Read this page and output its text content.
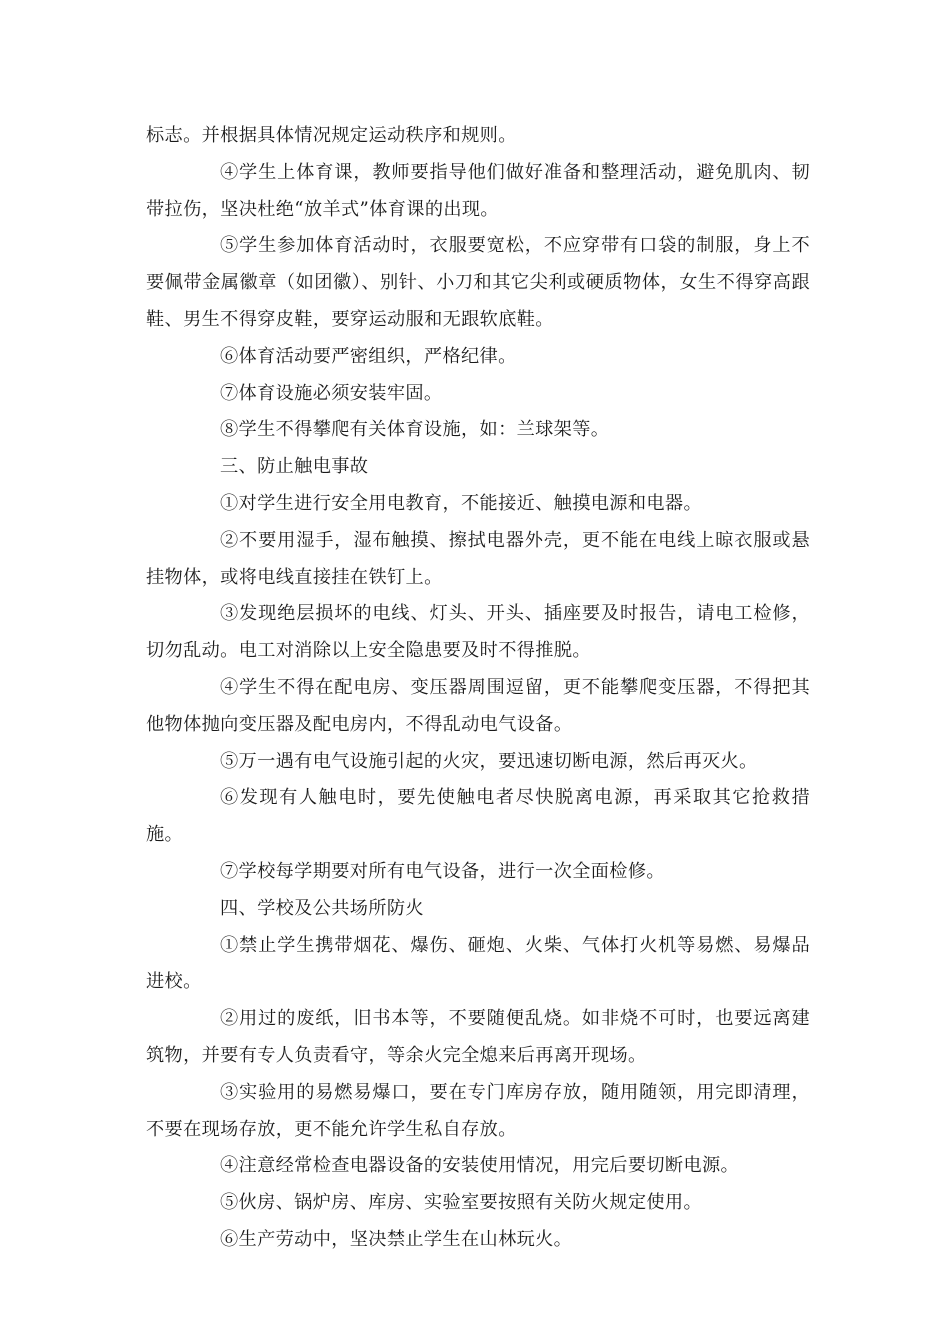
标志。并根据具体情况规定运动秩序和规则。

④学生上体育课，教师要指导他们做好准备和整理活动，避免肌肉、韧带拉伤，坚决杜绝“放羊式”体育课的出现。

⑤学生参加体育活动时，衣服要宽松，不应穿带有口袋的制服，身上不要佩带金属徽章（如团徽）、别针、小刀和其它尖利或硬质物体，女生不得穿高跟鞋、男生不得穿皮鞋，要穿运动服和无跟软底鞋。

⑥体育活动要严密组织，严格纪律。

⑦体育设施必须安装牢固。

⑧学生不得攀爬有关体育设施，如：兰球架等。

三、防止触电事故

①对学生进行安全用电教育，不能接近、触摸电源和电器。

②不要用湿手，湿布触摸、擦拭电器外壳，更不能在电线上晾衣服或悬挂物体，或将电线直接挂在铁钉上。

③发现绝层损坏的电线、灯头、开头、插座要及时报告，请电工检修，切勿乱动。电工对消除以上安全隐患要及时不得推脱。

④学生不得在配电房、变压器周围逗留，更不能攀爬变压器，不得把其他物体抛向变压器及配电房内，不得乱动电气设备。

⑤万一遇有电气设施引起的火灾，要迅速切断电源，然后再灭火。

⑥发现有人触电时，要先使触电者尽快脱离电源，再采取其它抢救措施。

⑦学校每学期要对所有电气设备，进行一次全面检修。

四、学校及公共场所防火

①禁止学生携带烟花、爆伤、砸炮、火柴、气体打火机等易燃、易爆品进校。

②用过的废纸，旧书本等，不要随便乱烧。如非烧不可时，也要远离建筑物，并要有专人负责看守，等余火完全熄来后再离开现场。

③实验用的易燃易爆口，要在专门库房存放，随用随领，用完即清理，不要在现场存放，更不能允许学生私自存放。

④注意经常检查电器设备的安装使用情况，用完后要切断电源。

⑤伙房、锅炉房、库房、实验室要按照有关防火规定使用。

⑥生产劳动中，坚决禁止学生在山林玩火。
